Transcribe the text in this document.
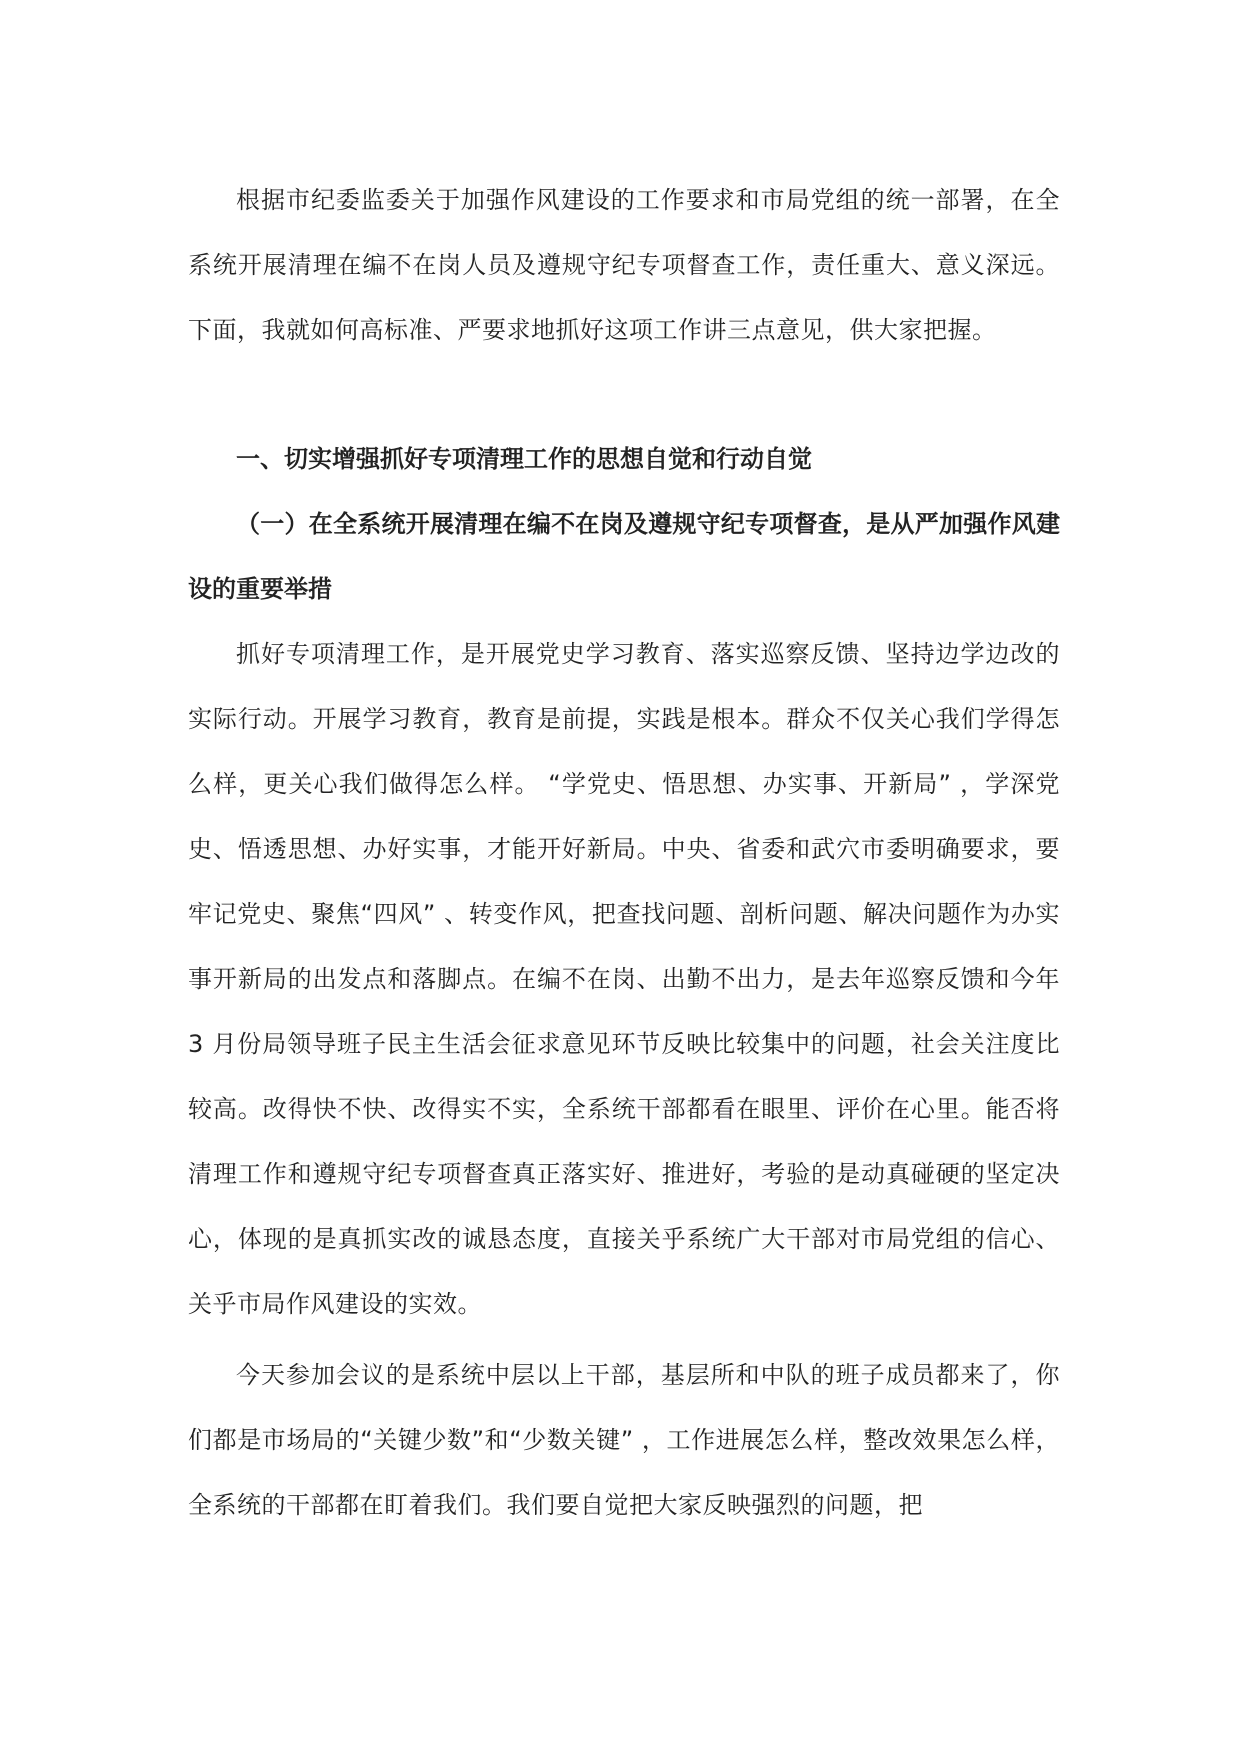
根据市纪委监委关于加强作风建设的工作要求和市局党组的统一部署，在全系统开展清理在编不在岗人员及遵规守纪专项督查工作，责任重大、意义深远。下面，我就如何高标准、严要求地抓好这项工作讲三点意见，供大家把握。

一、切实增强抓好专项清理工作的思想自觉和行动自觉

（一）在全系统开展清理在编不在岗及遵规守纪专项督查，是从严加强作风建设的重要举措

抓好专项清理工作，是开展党史学习教育、落实巡察反馈、坚持边学边改的实际行动。开展学习教育，教育是前提，实践是根本。群众不仅关心我们学得怎么样，更关心我们做得怎么样。 “学党史、悟思想、办实事、开新局” ，学深党史、悟透思想、办好实事，才能开好新局。中央、省委和武穴市委明确要求，要牢记党史、聚焦“四风” 、转变作风，把查找问题、剖析问题、解决问题作为办实事开新局的出发点和落脚点。在编不在岗、出勤不出力，是去年巡察反馈和今年 3 月份局领导班子民主生活会征求意见环节反映比较集中的问题，社会关注度比较高。改得快不快、改得实不实，全系统干部都看在眼里、评价在心里。能否将清理工作和遵规守纪专项督查真正落实好、推进好，考验的是动真碰硬的坚定决心，体现的是真抓实改的诚恳态度，直接关乎系统广大干部对市局党组的信心、关乎市局作风建设的实效。

今天参加会议的是系统中层以上干部，基层所和中队的班子成员都来了，你们都是市场局的“关键少数”和“少数关键” ，工作进展怎么样，整改效果怎么样，全系统的干部都在盯着我们。我们要自觉把大家反映强烈的问题，把
